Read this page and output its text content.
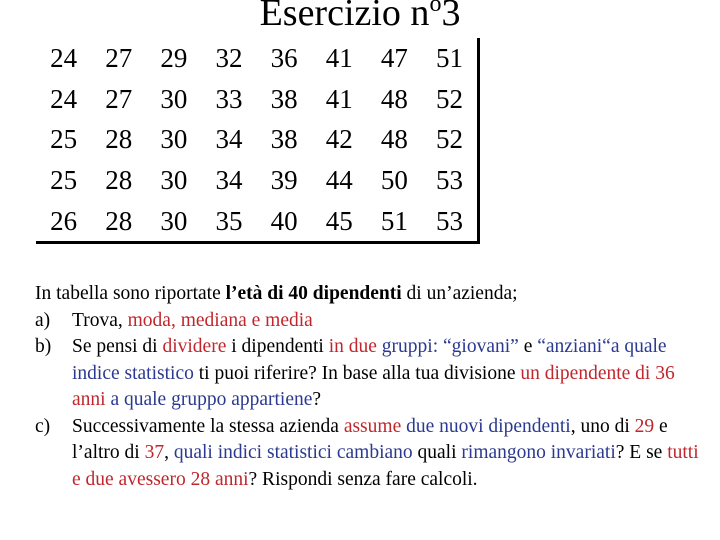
Esercizio $n^o3$
24	27	29	32	36	41	47	51
24	27	30	33	38	41	48	52
25	28	30	34	38	42	48	52
25	28	30	34	39	44	50	53
26	28	30	35	40	45	51	53

In tabella sono riportate l’età di 40 dipendenti di un’azienda;

a)	Trova, moda, mediana e media
b)	Se pensi di dividere i dipendenti in due gruppi: “giovani” e “anziani“a quale indice statistico ti puoi riferire? In base alla tua divisione un dipendente di 36 anni a quale gruppo appartiene?
c)	Successivamente la stessa azienda assume due nuovi dipendenti, uno di 29 e l’altro di 37, quali indici statistici cambiano quali rimangono invariati? E se tutti e due avessero 28 anni? Rispondi senza fare calcoli.
